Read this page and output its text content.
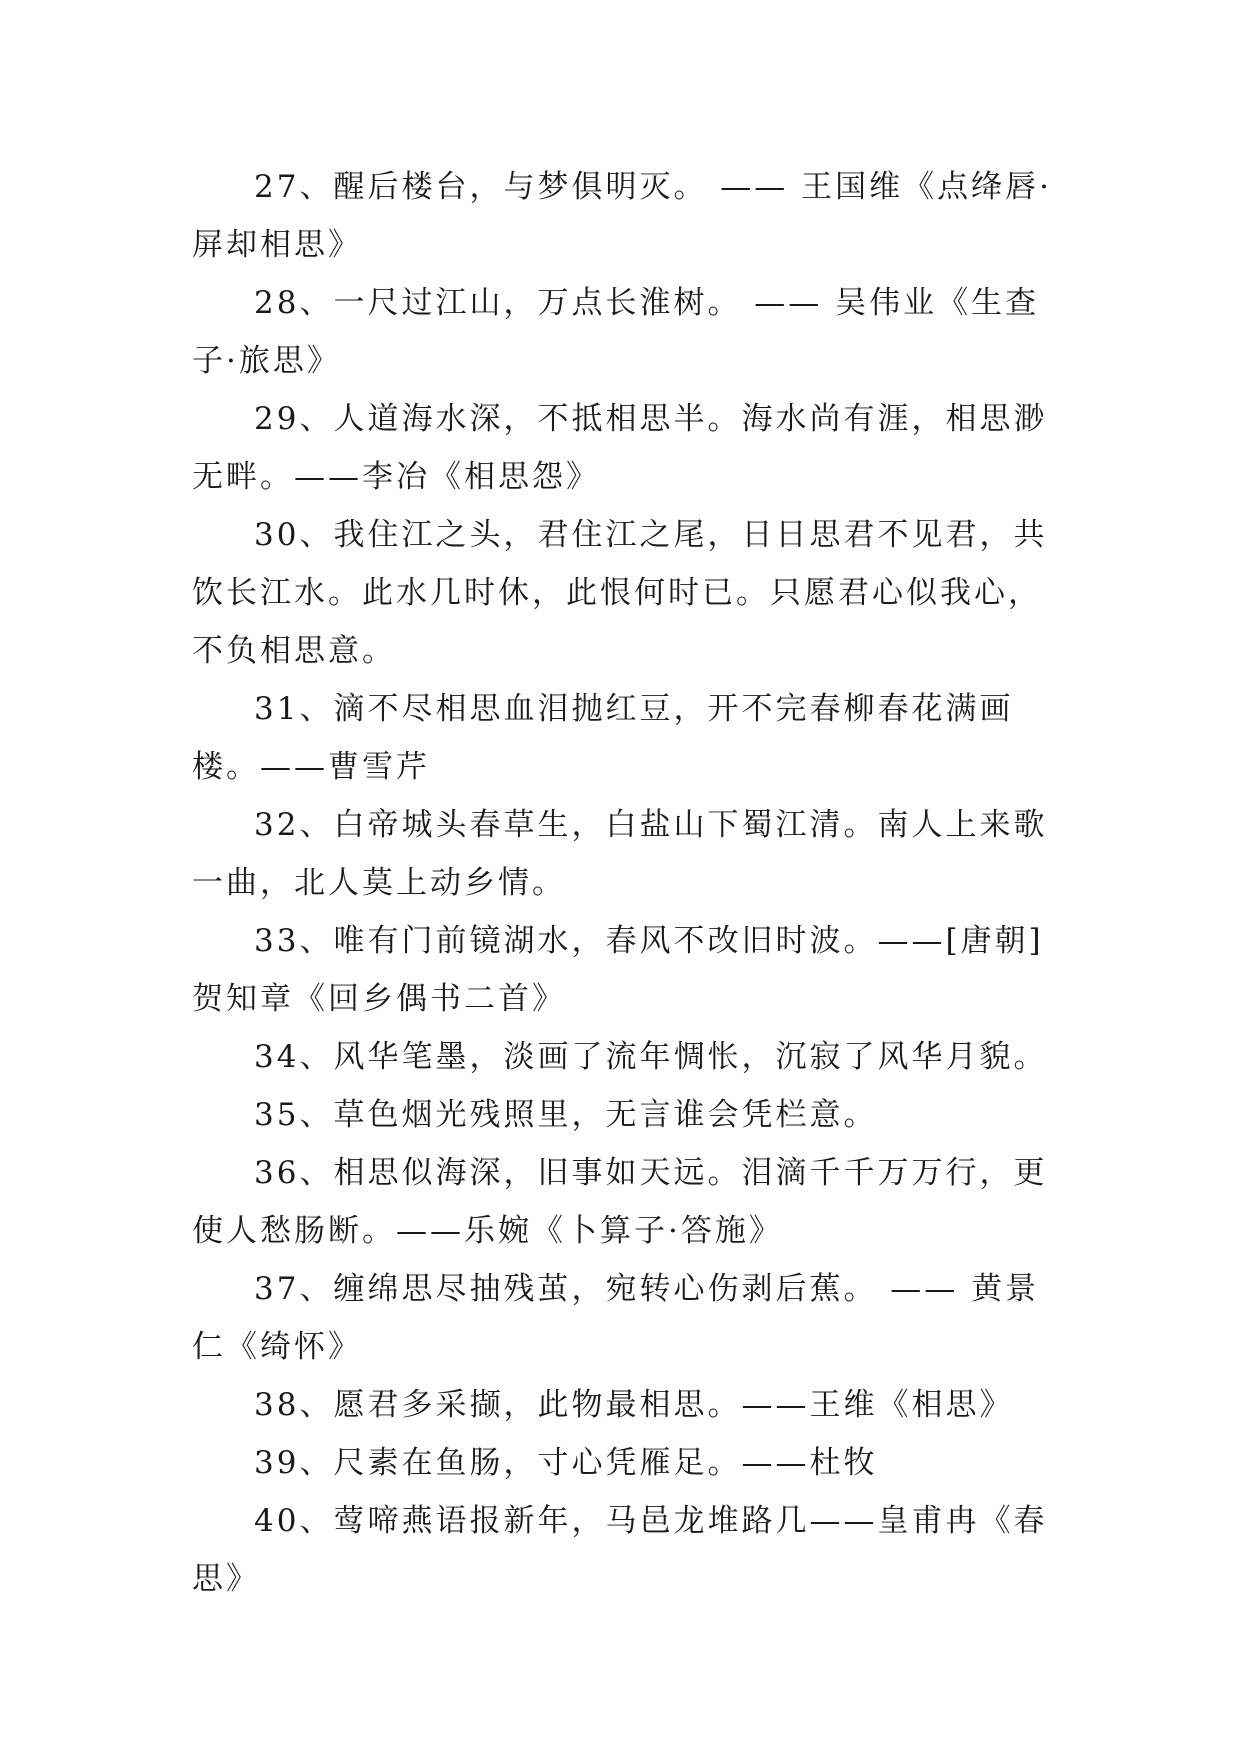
27、醒后楼台，与梦俱明灭。 —— 王国维《点绛唇·屏却相思》

28、一尺过江山，万点长淮树。 —— 吴伟业《生查子·旅思》

29、人道海水深，不抵相思半。海水尚有涯，相思渺无畔。——李冶《相思怨》

30、我住江之头，君住江之尾，日日思君不见君，共饮长江水。此水几时休，此恨何时已。只愿君心似我心，不负相思意。

31、滴不尽相思血泪抛红豆，开不完春柳春花满画楼。——曹雪芹

32、白帝城头春草生，白盐山下蜀江清。南人上来歌一曲，北人莫上动乡情。

33、唯有门前镜湖水，春风不改旧时波。——[唐朝]贺知章《回乡偶书二首》

34、风华笔墨，淡画了流年惆怅，沉寂了风华月貌。

35、草色烟光残照里，无言谁会凭栏意。

36、相思似海深，旧事如天远。泪滴千千万万行，更使人愁肠断。——乐婉《卜算子·答施》

37、缠绵思尽抽残茧，宛转心伤剥后蕉。 —— 黄景仁《绮怀》

38、愿君多采撷，此物最相思。——王维《相思》

39、尺素在鱼肠，寸心凭雁足。——杜牧

40、莺啼燕语报新年，马邑龙堆路几——皇甫冉《春思》
